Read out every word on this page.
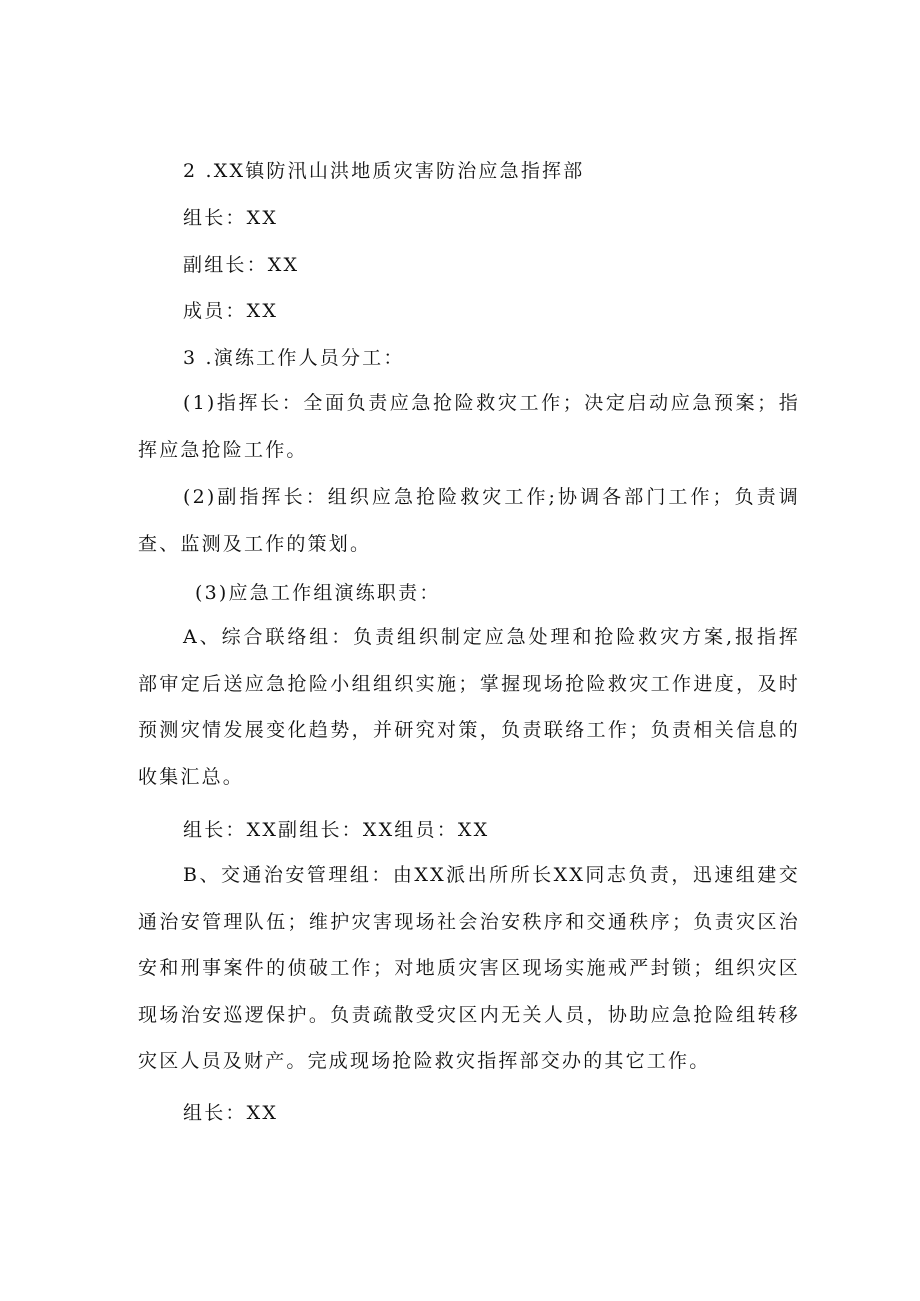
2 .XX镇防汛山洪地质灾害防治应急指挥部
组长：XX
副组长：XX
成员：XX
3 .演练工作人员分工：

(1)指挥长：全面负责应急抢险救灾工作；决定启动应急预案；指挥应急抢险工作。

(2)副指挥长：组织应急抢险救灾工作;协调各部门工作；负责调查、监测及工作的策划。

(3)应急工作组演练职责：

A、综合联络组：负责组织制定应急处理和抢险救灾方案,报指挥部审定后送应急抢险小组组织实施；掌握现场抢险救灾工作进度，及时预测灾情发展变化趋势，并研究对策，负责联络工作；负责相关信息的收集汇总。

组长：XX副组长：XX组员：XX

B、交通治安管理组：由XX派出所所长XX同志负责，迅速组建交通治安管理队伍；维护灾害现场社会治安秩序和交通秩序；负责灾区治安和刑事案件的侦破工作；对地质灾害区现场实施戒严封锁；组织灾区现场治安巡逻保护。负责疏散受灾区内无关人员，协助应急抢险组转移灾区人员及财产。完成现场抢险救灾指挥部交办的其它工作。

组长：XX
